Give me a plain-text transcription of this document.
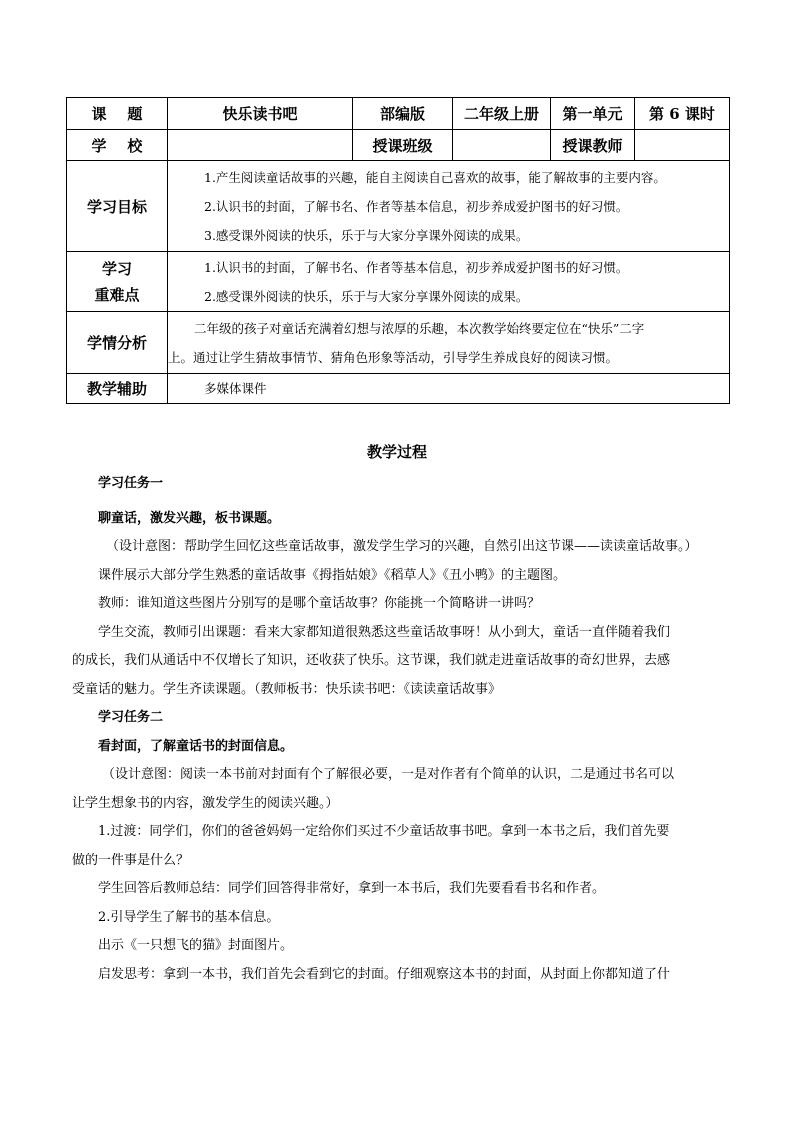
课    题	快乐读书吧	部编版	二年级上册	第一单元	第 6 课时
学    校		授课班级		授课教师	
学习目标	1.产生阅读童话故事的兴趣，能自主阅读自己喜欢的故事，能了解故事的主要内容。
2.认识书的封面，了解书名、作者等基本信息，初步养成爱护图书的好习惯。
3.感受课外阅读的快乐，乐于与大家分享课外阅读的成果。				

学习
重难点	1.认识书的封面，了解书名、作者等基本信息，初步养成爱护图书的好习惯。
2.感受课外阅读的快乐，乐于与大家分享课外阅读的成果。				

学情分析	二年级的孩子对童话充满着幻想与浓厚的乐趣，本次教学始终要定位在“快乐”二字
上。通过让学生猜故事情节、猜角色形象等活动，引导学生养成良好的阅读习惯。				

教学辅助	多媒体课件				
教学过程

学习任务一

聊童话，激发兴趣，板书课题。

（设计意图：帮助学生回忆这些童话故事，激发学生学习的兴趣，自然引出这节课——读读童话故事。）

课件展示大部分学生熟悉的童话故事《拇指姑娘》《稻草人》《丑小鸭》的主题图。

教师：谁知道这些图片分别写的是哪个童话故事？你能挑一个简略讲一讲吗？

学生交流，教师引出课题：看来大家都知道很熟悉这些童话故事呀！从小到大，童话一直伴随着我们

的成长，我们从通话中不仅增长了知识，还收获了快乐。这节课，我们就走进童话故事的奇幻世界，去感

受童话的魅力。学生齐读课题。（教师板书：快乐读书吧：《读读童话故事》

学习任务二

看封面，了解童话书的封面信息。

（设计意图：阅读一本书前对封面有个了解很必要，一是对作者有个简单的认识，二是通过书名可以

让学生想象书的内容，激发学生的阅读兴趣。）

1.过渡：同学们，你们的爸爸妈妈一定给你们买过不少童话故事书吧。拿到一本书之后，我们首先要

做的一件事是什么？

学生回答后教师总结：同学们回答得非常好，拿到一本书后，我们先要看看书名和作者。

2.引导学生了解书的基本信息。

出示《一只想飞的猫》封面图片。

启发思考：拿到一本书，我们首先会看到它的封面。仔细观察这本书的封面，从封面上你都知道了什
